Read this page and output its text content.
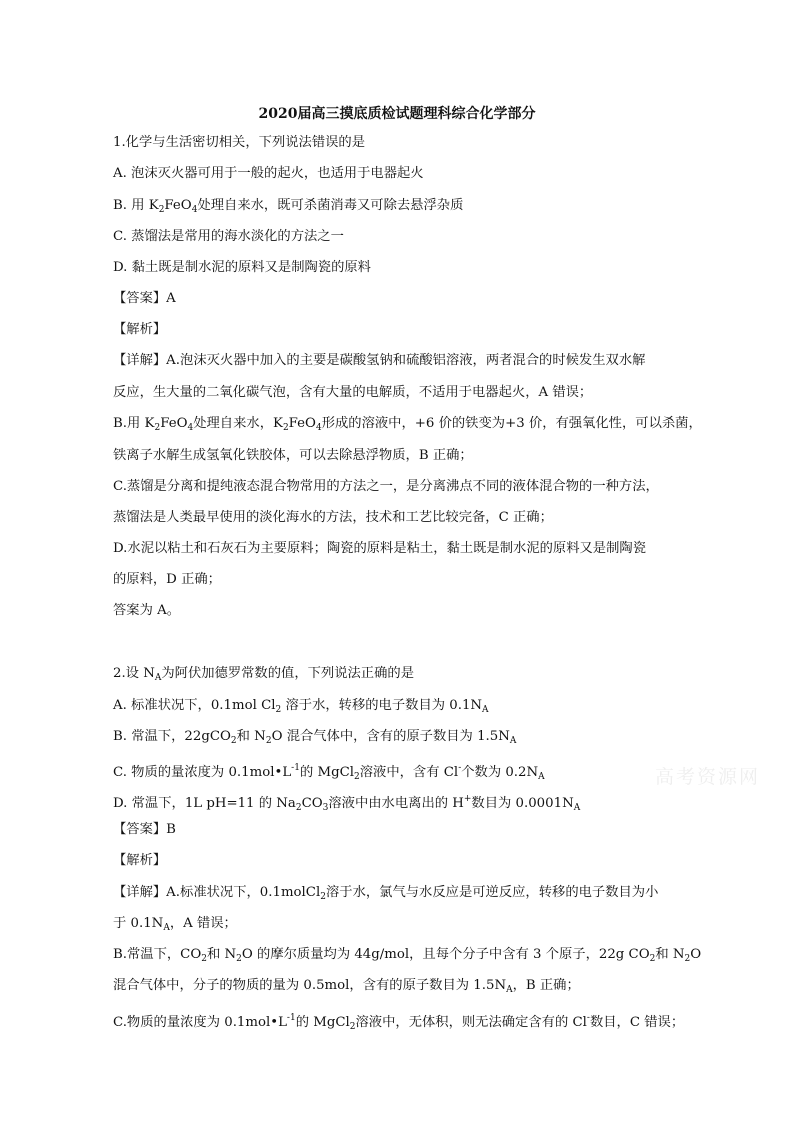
2020届高三摸底质检试题理科综合化学部分
1.化学与生活密切相关，下列说法错误的是
A. 泡沫灭火器可用于一般的起火，也适用于电器起火
B. 用 $K_2FeO_4$处理自来水，既可杀菌消毒又可除去悬浮杂质
C. 蒸馏法是常用的海水淡化的方法之一
D. 黏土既是制水泥的原料又是制陶瓷的原料
【答案】A
【解析】
【详解】A.泡沫灭火器中加入的主要是碳酸氢钠和硫酸铝溶液，两者混合的时候发生双水解
反应，生大量的二氧化碳气泡，含有大量的电解质，不适用于电器起火，A 错误；
B.用 $K_2FeO_4$处理自来水，$K_2FeO_4$形成的溶液中，+6 价的铁变为+3 价，有强氧化性，可以杀菌，
铁离子水解生成氢氧化铁胶体，可以去除悬浮物质，B 正确；
C.蒸馏是分离和提纯液态混合物常用的方法之一，是分离沸点不同的液体混合物的一种方法，
蒸馏法是人类最早使用的淡化海水的方法，技术和工艺比较完备，C 正确；
D.水泥以粘土和石灰石为主要原料；陶瓷的原料是粘土，黏土既是制水泥的原料又是制陶瓷
的原料，D 正确；
答案为 A。
2.设 $N_A$为阿伏加德罗常数的值，下列说法正确的是
A. 标准状况下，0.1mol $Cl_2$ 溶于水，转移的电子数目为 $0.1N_A$
B. 常温下，22gCO$_2$和 $N_2O$ 混合气体中，含有的原子数目为 $1.5N_A$
C. 物质的量浓度为 $0.1mol•L^{-1}$的 MgCl$_2$溶液中，含有 Cl-个数为 $0.2N_A$
D. 常温下，1L pH=11 的 $Na_2CO_3$溶液中由水电离出的 H+数目为 $0.0001N_A$
【答案】B
【解析】
【详解】A.标准状况下，0.1molCl$_2$溶于水，氯气与水反应是可逆反应，转移的电子数目为小
于 $0.1N_A$，A 错误；
B.常温下，$CO_2$和 $N_2O$ 的摩尔质量均为 44g/mol，且每个分子中含有 3 个原子，22g $CO_2$和 $N_2O$
混合气体中，分子的物质的量为 0.5mol，含有的原子数目为 $1.5N_A$，B 正确；
C.物质的量浓度为 $0.1mol•L^{-1}$的 MgCl$_2$溶液中，无体积，则无法确定含有的 Cl-数目，C 错误；
高考资源网
